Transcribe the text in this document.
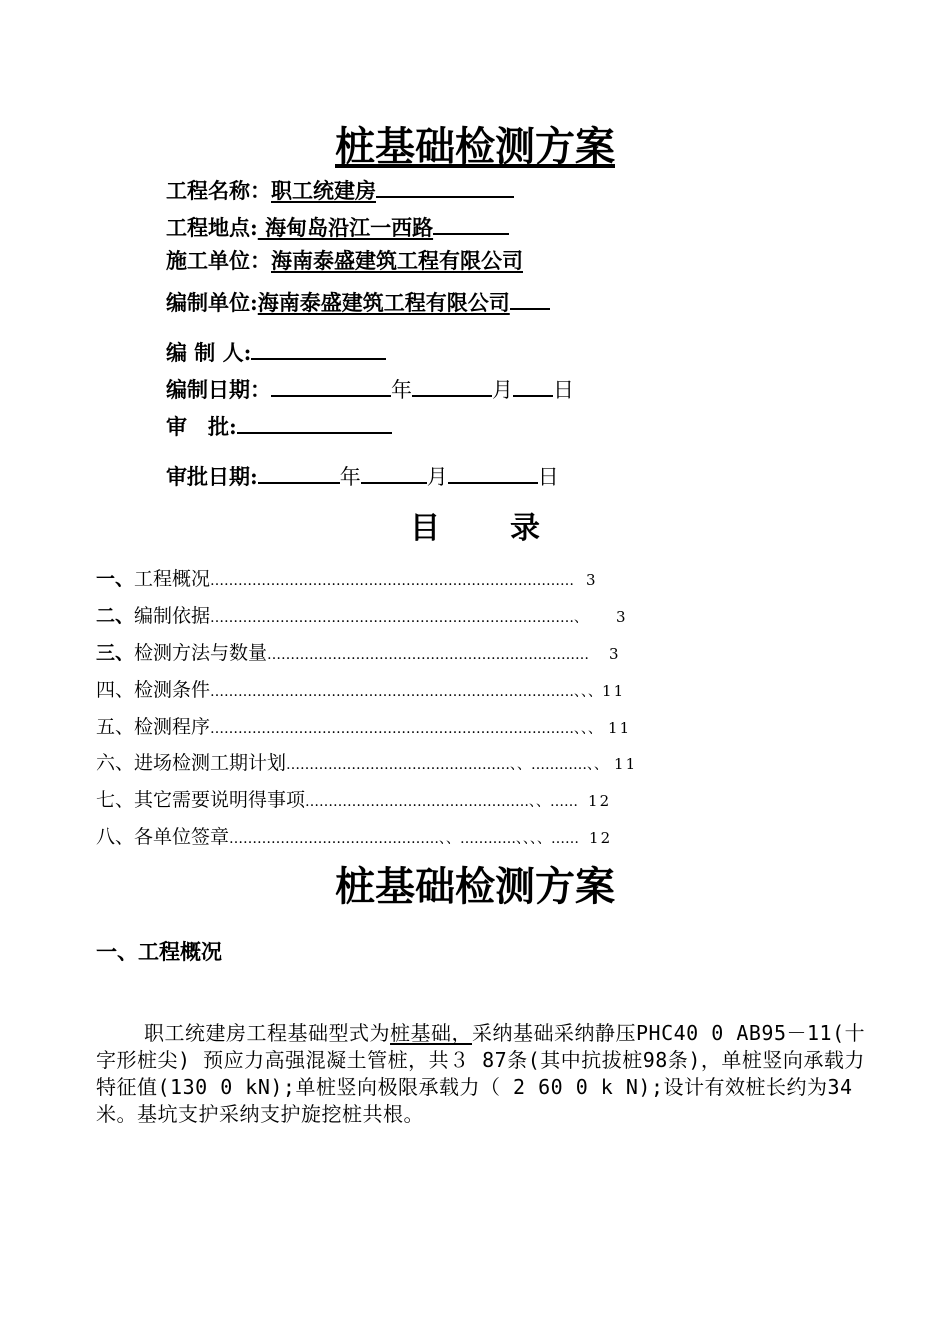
桩基础检测方案
工程名称：职工统建房
工程地点: 海甸岛沿江一西路
施工单位：海南泰盛建筑工程有限公司
编制单位:海南泰盛建筑工程有限公司
编 制 人:
编制日期：	年	月 日
审　批:
审批日期:	年	月	日
目录
一、工程概况…………………………………………………………………… 3
二、编制依据……………………………………………………………………、 3
三、检测方法与数量…………………………………………………………… 3
四、检测条件……………………………………………………………………、、、11
五、检测程序……………………………………………………………………、、、 11
六、进场检测工期计划…………………………………………、、…………、、 11
七、其它需要说明得事项…………………………………………、、…… 12
八、各单位签章………………………………………、、…………、、、、…… 12
桩基础检测方案
一、工程概况

职工统建房工程基础型式为桩基础，采纳基础采纳静压PHC40 0 AB95－11(十字形桩尖) 预应力高强混凝土管桩，共３ 87条(其中抗拔桩98条)，单桩竖向承载力特征值(130 0 kN);单桩竖向极限承载力（ 2 60 0 k N);设计有效桩长约为34米。基坑支护采纳支护旋挖桩共根。
